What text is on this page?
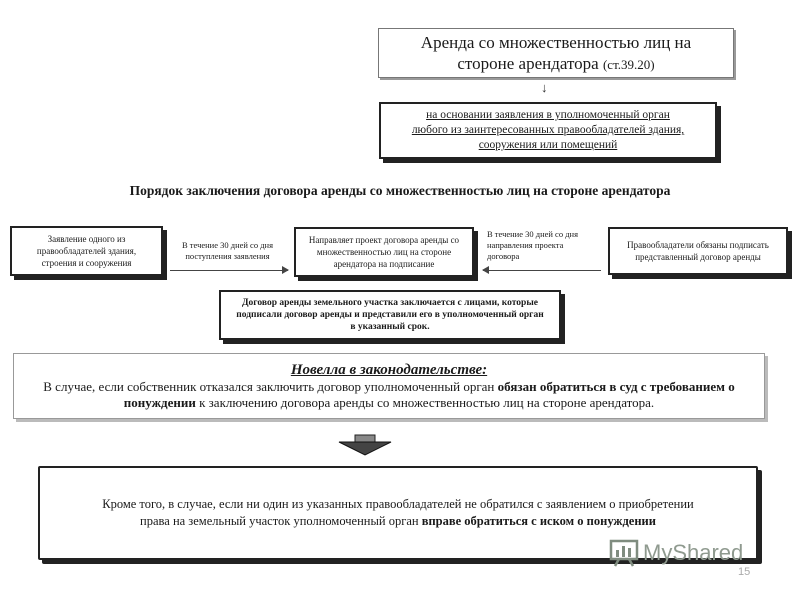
Аренда со множественностью лиц на
стороне арендатора (ст.39.20)
↓
на основании заявления в уполномоченный орган
любого из заинтересованных правообладателей здания,
сооружения или помещений
Порядок заключения договора аренды со множественностью лиц на стороне арендатора
Заявление одного из правообладателей здания, строения и сооружения
В течение 30 дней со дня поступления заявления
Направляет проект договора аренды со множественностью лиц на стороне арендатора на подписание
В течение 30 дней со дня направления проекта договора
Правообладатели обязаны подписать представленный договор аренды
Договор аренды земельного участка заключается с лицами, которые подписали договор аренды и представили его в уполномоченный орган в указанный срок.
Новелла в законодательстве:
В случае, если собственник отказался заключить договор уполномоченный орган обязан обратиться в суд с требованием о понуждении к заключению договора аренды со множественностью лиц на стороне арендатора.
Кроме того, в случае, если ни один из указанных правообладателей не обратился с заявлением о приобретении права на земельный участок уполномоченный орган вправе обратиться с иском о понуждении
MyShared
15
